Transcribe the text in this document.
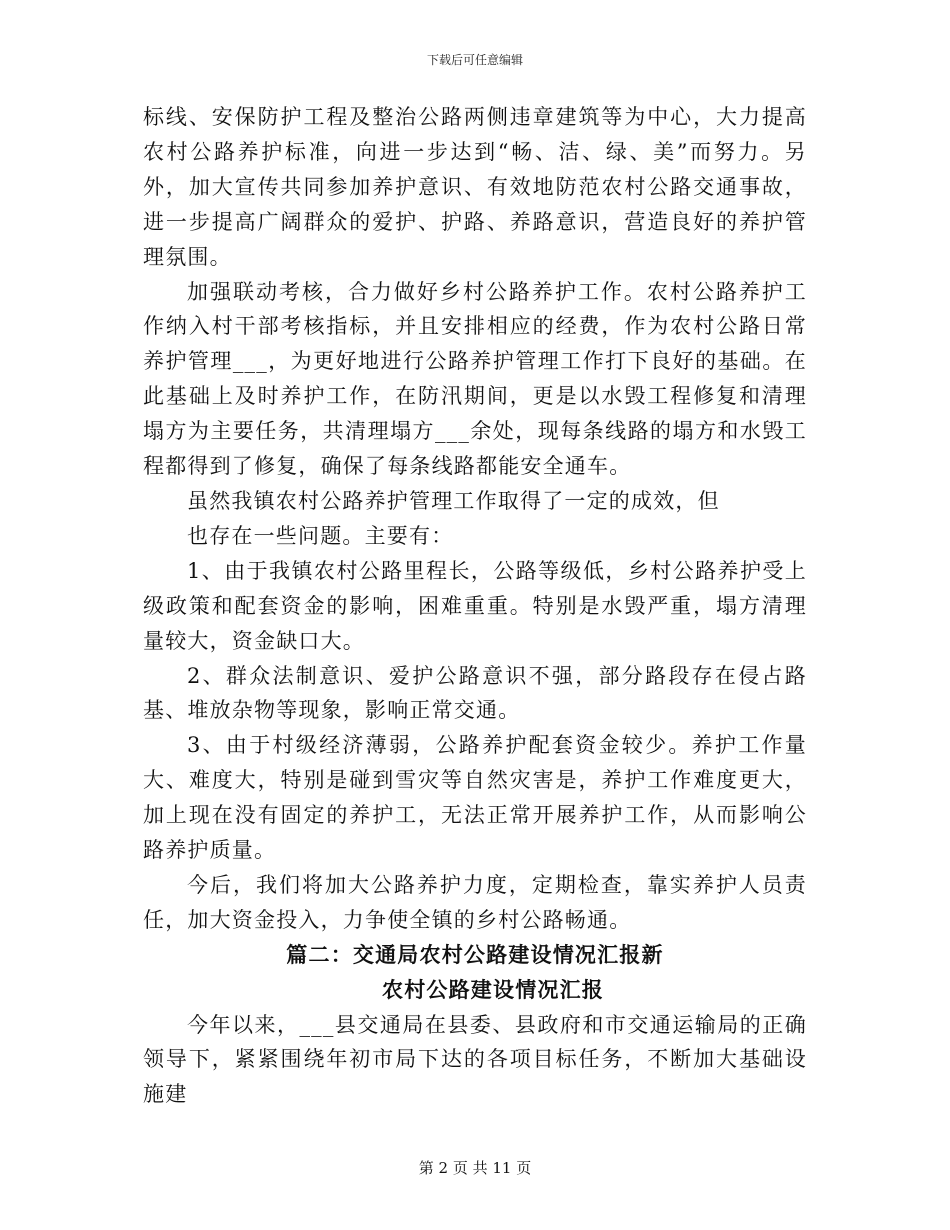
下载后可任意编辑

标线、安保防护工程及整治公路两侧违章建筑等为中心，大力提高农村公路养护标准，向进一步达到“畅、洁、绿、美”而努力。另外，加大宣传共同参加养护意识、有效地防范农村公路交通事故，进一步提高广阔群众的爱护、护路、养路意识，营造良好的养护管理氛围。

加强联动考核，合力做好乡村公路养护工作。农村公路养护工作纳入村干部考核指标，并且安排相应的经费，作为农村公路日常养护管理___，为更好地进行公路养护管理工作打下良好的基础。在此基础上及时养护工作，在防汛期间，更是以水毁工程修复和清理塌方为主要任务，共清理塌方___余处，现每条线路的塌方和水毁工程都得到了修复，确保了每条线路都能安全通车。

虽然我镇农村公路养护管理工作取得了一定的成效，但

也存在一些问题。主要有：

1、由于我镇农村公路里程长，公路等级低，乡村公路养护受上级政策和配套资金的影响，困难重重。特别是水毁严重，塌方清理量较大，资金缺口大。

2、群众法制意识、爱护公路意识不强，部分路段存在侵占路基、堆放杂物等现象，影响正常交通。

3、由于村级经济薄弱，公路养护配套资金较少。养护工作量大、难度大，特别是碰到雪灾等自然灾害是，养护工作难度更大，加上现在没有固定的养护工，无法正常开展养护工作，从而影响公路养护质量。

今后，我们将加大公路养护力度，定期检查，靠实养护人员责任，加大资金投入，力争使全镇的乡村公路畅通。

篇二：交通局农村公路建设情况汇报新

农村公路建设情况汇报

今年以来，___县交通局在县委、县政府和市交通运输局的正确领导下，紧紧围绕年初市局下达的各项目标任务，不断加大基础设施建

第 2 页 共 11 页
